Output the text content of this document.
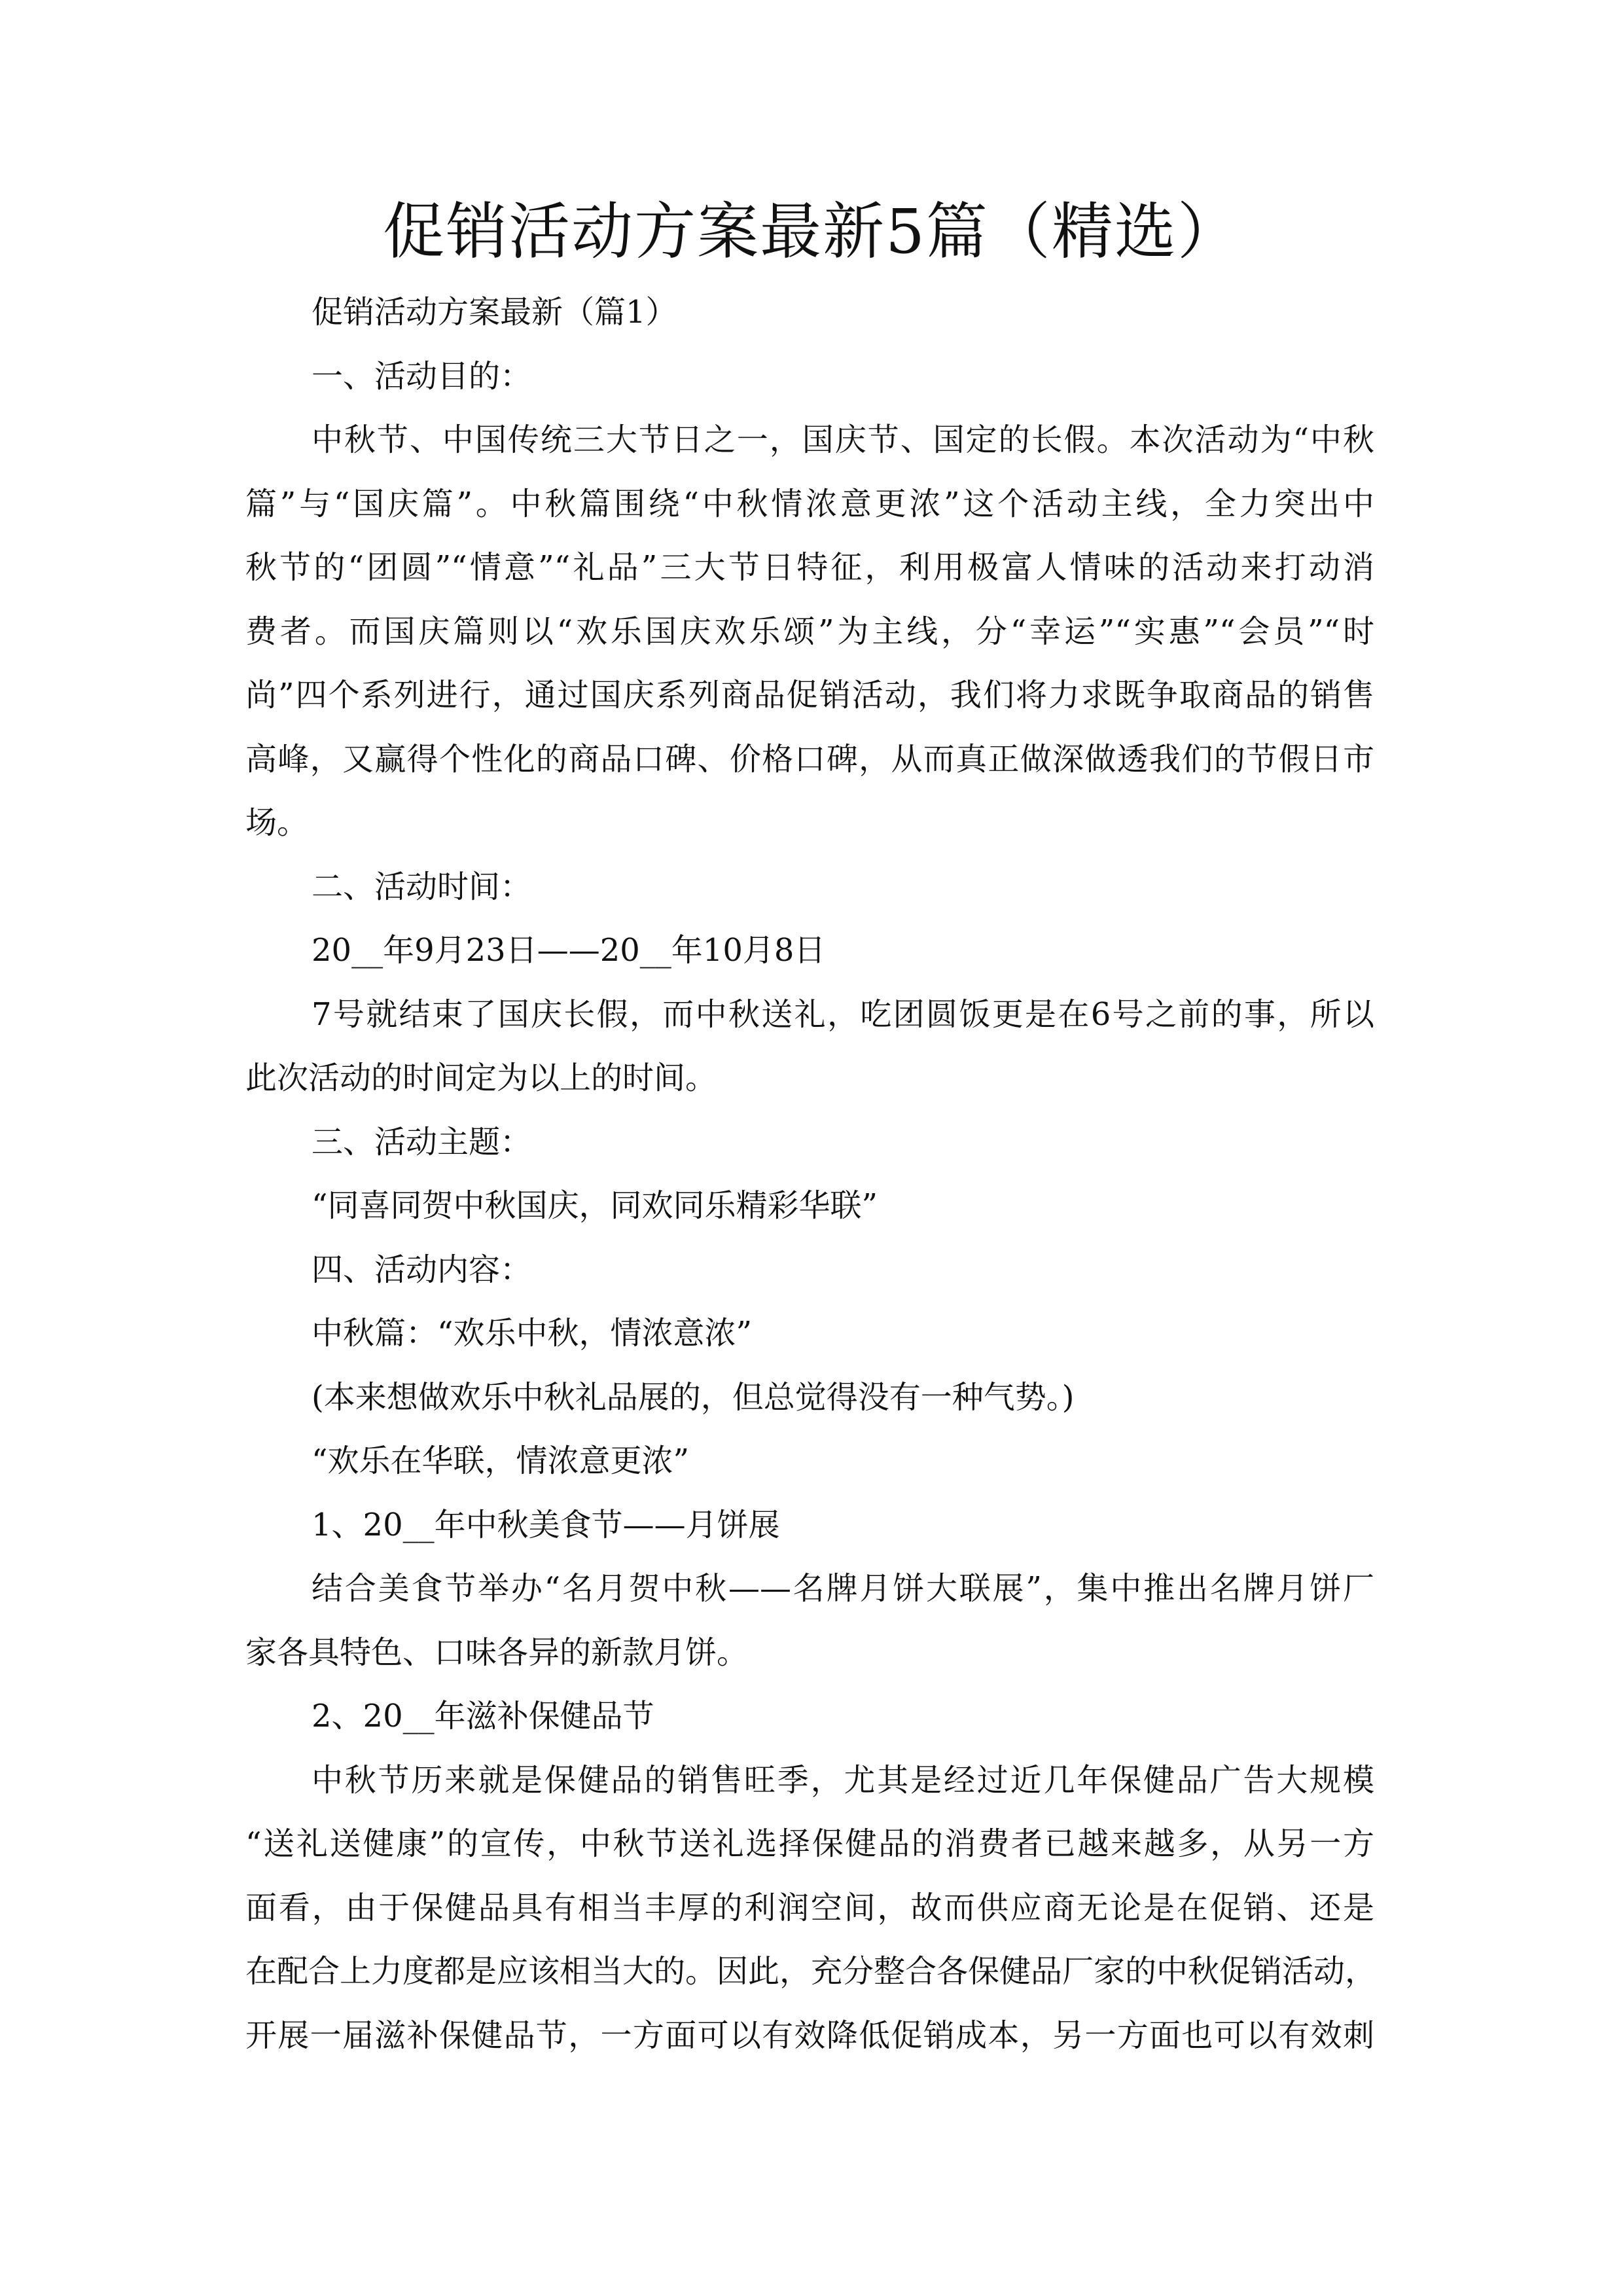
促销活动方案最新5篇（精选）
促销活动方案最新（篇1）
一、活动目的：
中秋节、中国传统三大节日之一，国庆节、国定的长假。本次活动为“中秋
篇”与“国庆篇”。中秋篇围绕“中秋情浓意更浓”这个活动主线，全力突出中
秋节的“团圆”“情意”“礼品”三大节日特征，利用极富人情味的活动来打动消
费者。而国庆篇则以“欢乐国庆欢乐颂”为主线，分“幸运”“实惠”“会员”“时
尚”四个系列进行，通过国庆系列商品促销活动，我们将力求既争取商品的销售
高峰，又赢得个性化的商品口碑、价格口碑，从而真正做深做透我们的节假日市
场。
二、活动时间：
20__年9月23日——20__年10月8日
7号就结束了国庆长假，而中秋送礼，吃团圆饭更是在6号之前的事，所以
此次活动的时间定为以上的时间。
三、活动主题：
“同喜同贺中秋国庆，同欢同乐精彩华联”
四、活动内容：
中秋篇：“欢乐中秋，情浓意浓”
(本来想做欢乐中秋礼品展的，但总觉得没有一种气势。)
“欢乐在华联，情浓意更浓”
1、20__年中秋美食节——月饼展
结合美食节举办“名月贺中秋——名牌月饼大联展”，集中推出名牌月饼厂
家各具特色、口味各异的新款月饼。
2、20__年滋补保健品节
中秋节历来就是保健品的销售旺季，尤其是经过近几年保健品广告大规模
“送礼送健康”的宣传，中秋节送礼选择保健品的消费者已越来越多，从另一方
面看，由于保健品具有相当丰厚的利润空间，故而供应商无论是在促销、还是
在配合上力度都是应该相当大的。因此，充分整合各保健品厂家的中秋促销活动，
开展一届滋补保健品节，一方面可以有效降低促销成本，另一方面也可以有效刺
